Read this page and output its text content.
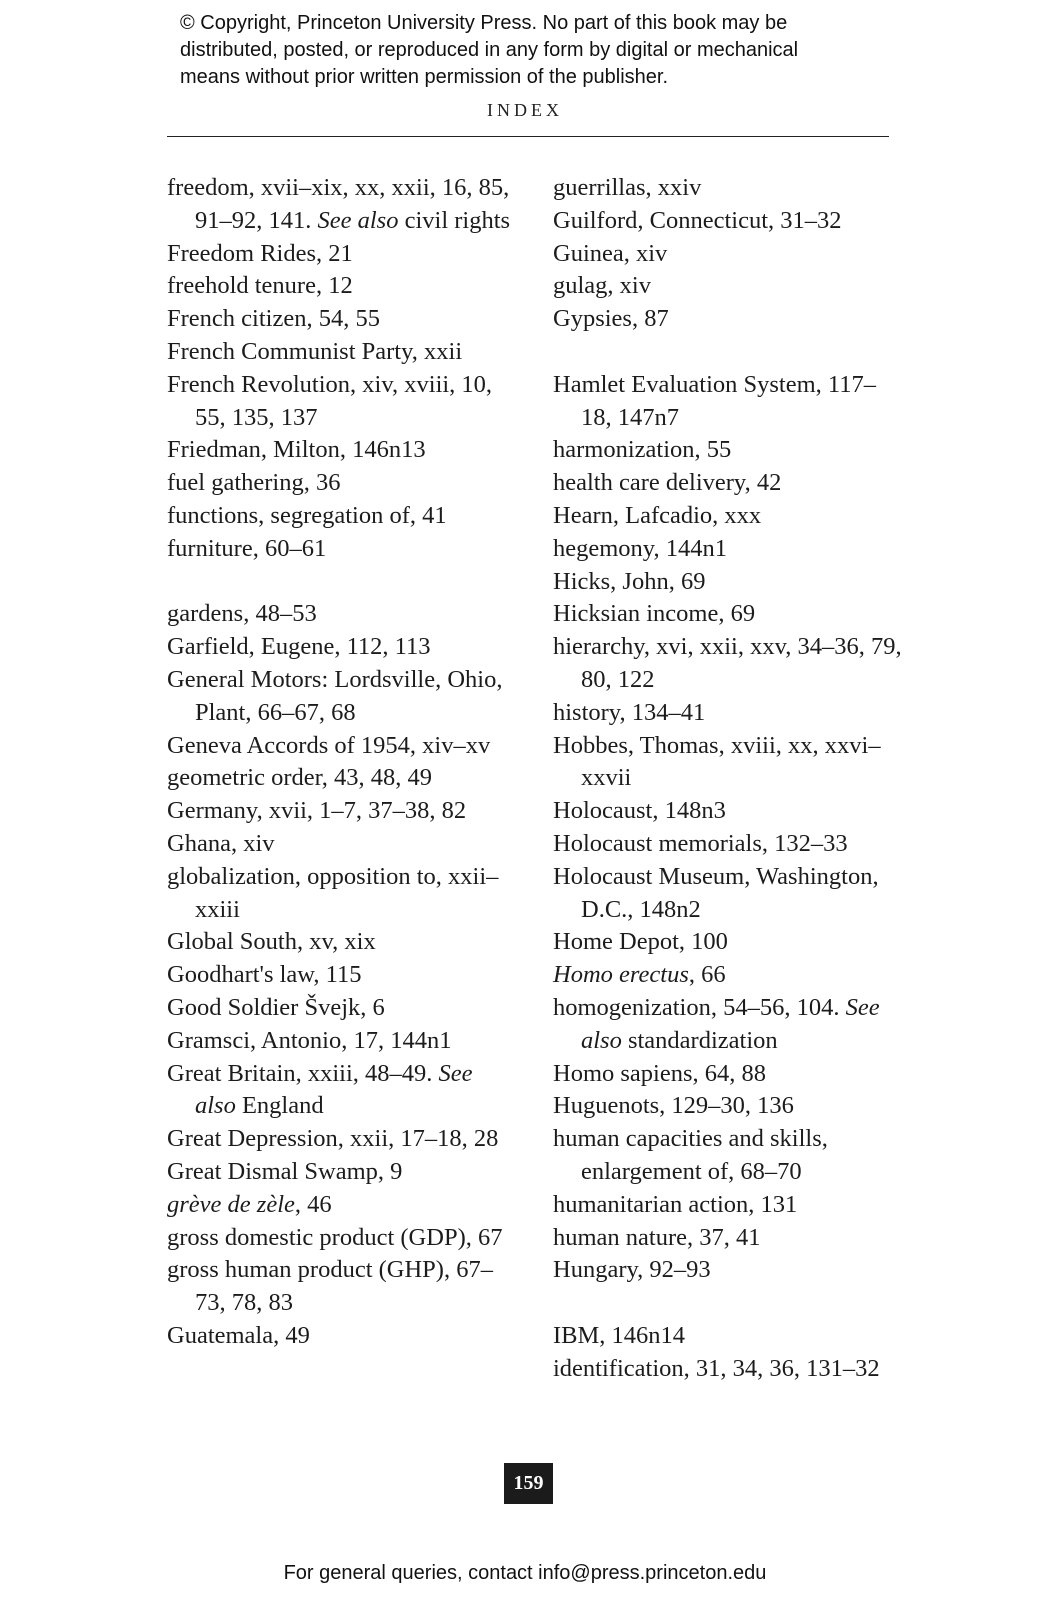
© Copyright, Princeton University Press. No part of this book may be
distributed, posted, or reproduced in any form by digital or mechanical
means without prior written permission of the publisher.
INDEX

freedom, xvii–xix, xx, xxii, 16, 85, 91–92, 141. See also civil rights

Freedom Rides, 21

freehold tenure, 12

French citizen, 54, 55

French Communist Party, xxii

French Revolution, xiv, xviii, 10, 55, 135, 137

Friedman, Milton, 146n13

fuel gathering, 36

functions, segregation of, 41

furniture, 60–61

gardens, 48–53

Garfield, Eugene, 112, 113

General Motors: Lordsville, Ohio, Plant, 66–67, 68

Geneva Accords of 1954, xiv–xv

geometric order, 43, 48, 49

Germany, xvii, 1–7, 37–38, 82

Ghana, xiv

globalization, opposition to, xxii–xxiii

Global South, xv, xix

Goodhart's law, 115

Good Soldier Švejk, 6

Gramsci, Antonio, 17, 144n1

Great Britain, xxiii, 48–49. See also England

Great Depression, xxii, 17–18, 28

Great Dismal Swamp, 9

grève de zèle, 46

gross domestic product (GDP), 67

gross human product (GHP), 67–73, 78, 83

Guatemala, 49

guerrillas, xxiv

Guilford, Connecticut, 31–32

Guinea, xiv

gulag, xiv

Gypsies, 87

Hamlet Evaluation System, 117–18, 147n7

harmonization, 55

health care delivery, 42

Hearn, Lafcadio, xxx

hegemony, 144n1

Hicks, John, 69

Hicksian income, 69

hierarchy, xvi, xxii, xxv, 34–36, 79, 80, 122

history, 134–41

Hobbes, Thomas, xviii, xx, xxvi–xxvii

Holocaust, 148n3

Holocaust memorials, 132–33

Holocaust Museum, Washington, D.C., 148n2

Home Depot, 100

Homo erectus, 66

homogenization, 54–56, 104. See also standardization

Homo sapiens, 64, 88

Huguenots, 129–30, 136

human capacities and skills, enlargement of, 68–70

humanitarian action, 131

human nature, 37, 41

Hungary, 92–93

IBM, 146n14

identification, 31, 34, 36, 131–32

159
For general queries, contact info@press.princeton.edu
